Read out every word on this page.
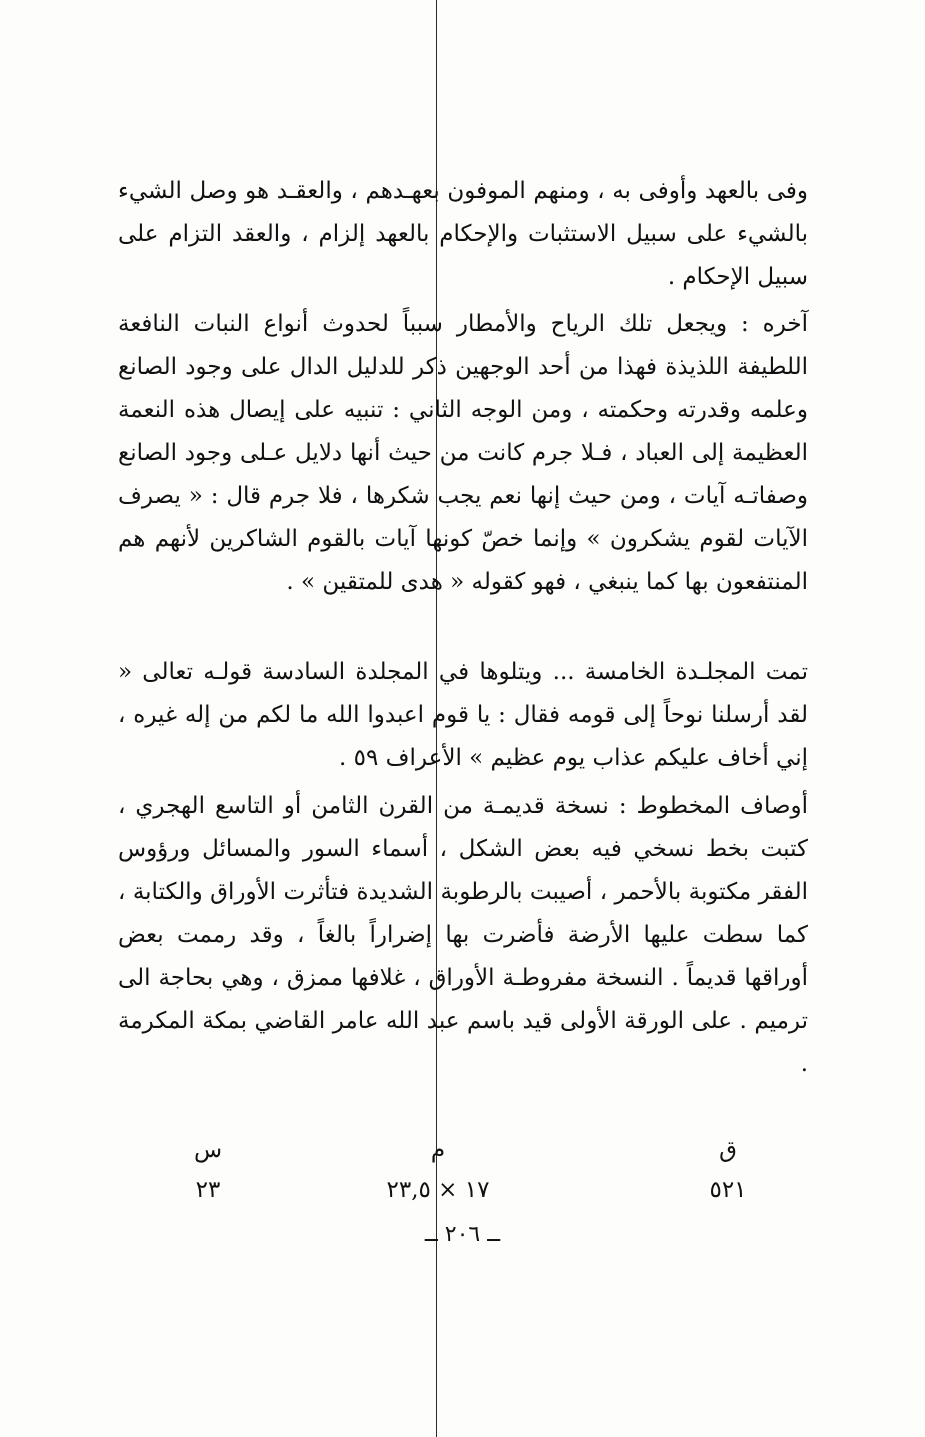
وفى بالعهد وأوفى به ، ومنهم الموفون بعهـدهم ، والعقـد هو وصل الشيء بالشيء على سبيل الاستثبات والإحكام بالعهد إلزام ، والعقد التزام على سبيل الإحكام .

آخره : ويجعل تلك الرياح والأمطار سبباً لحدوث أنواع النبات النافعة اللطيفة اللذيذة فهذا من أحد الوجهين ذكر للدليل الدال على وجود الصانع وعلمه وقدرته وحكمته ، ومن الوجه الثاني : تنبيه على إيصال هذه النعمة العظيمة إلى العباد ، فـلا جرم كانت من حيث أنها دلايل عـلى وجود الصانع وصفاتـه آيات ، ومن حيث إنها نعم يجب شكرها ، فلا جرم قال : « يصرف الآيات لقوم يشكرون » وإنما خصّ كونها آيات بالقوم الشاكرين لأنهم هم المنتفعون بها كما ينبغي ، فهو كقوله « هدى للمتقين » .

تمت المجلـدة الخامسة ... ويتلوها في المجلدة السادسة قولـه تعالى « لقد أرسلنا نوحاً إلى قومه فقال : يا قوم اعبدوا الله ما لكم من إله غيره ، إني أخاف عليكم عذاب يوم عظيم » الأعراف ٥٩ .

أوصاف المخطوط : نسخة قديمـة من القرن الثامن أو التاسع الهجري ، كتبت بخط نسخي فيه بعض الشكل ، أسماء السور والمسائل ورؤوس الفقر مكتوبة بالأحمر ، أصيبت بالرطوبة الشديدة فتأثرت الأوراق والكتابة ، كما سطت عليها الأرضة فأضرت بها إضراراً بالغاً ، وقد رممت بعض أوراقها قديماً . النسخة مفروطـة الأوراق ، غلافها ممزق ، وهي بحاجة الى ترميم . على الورقة الأولى قيد باسم عبد الله عامر القاضي بمكة المكرمة .

ق
٥٢١
م
١٧ × ٢٣,٥
س
٢٣
ــ ٢٠٦ ــ
